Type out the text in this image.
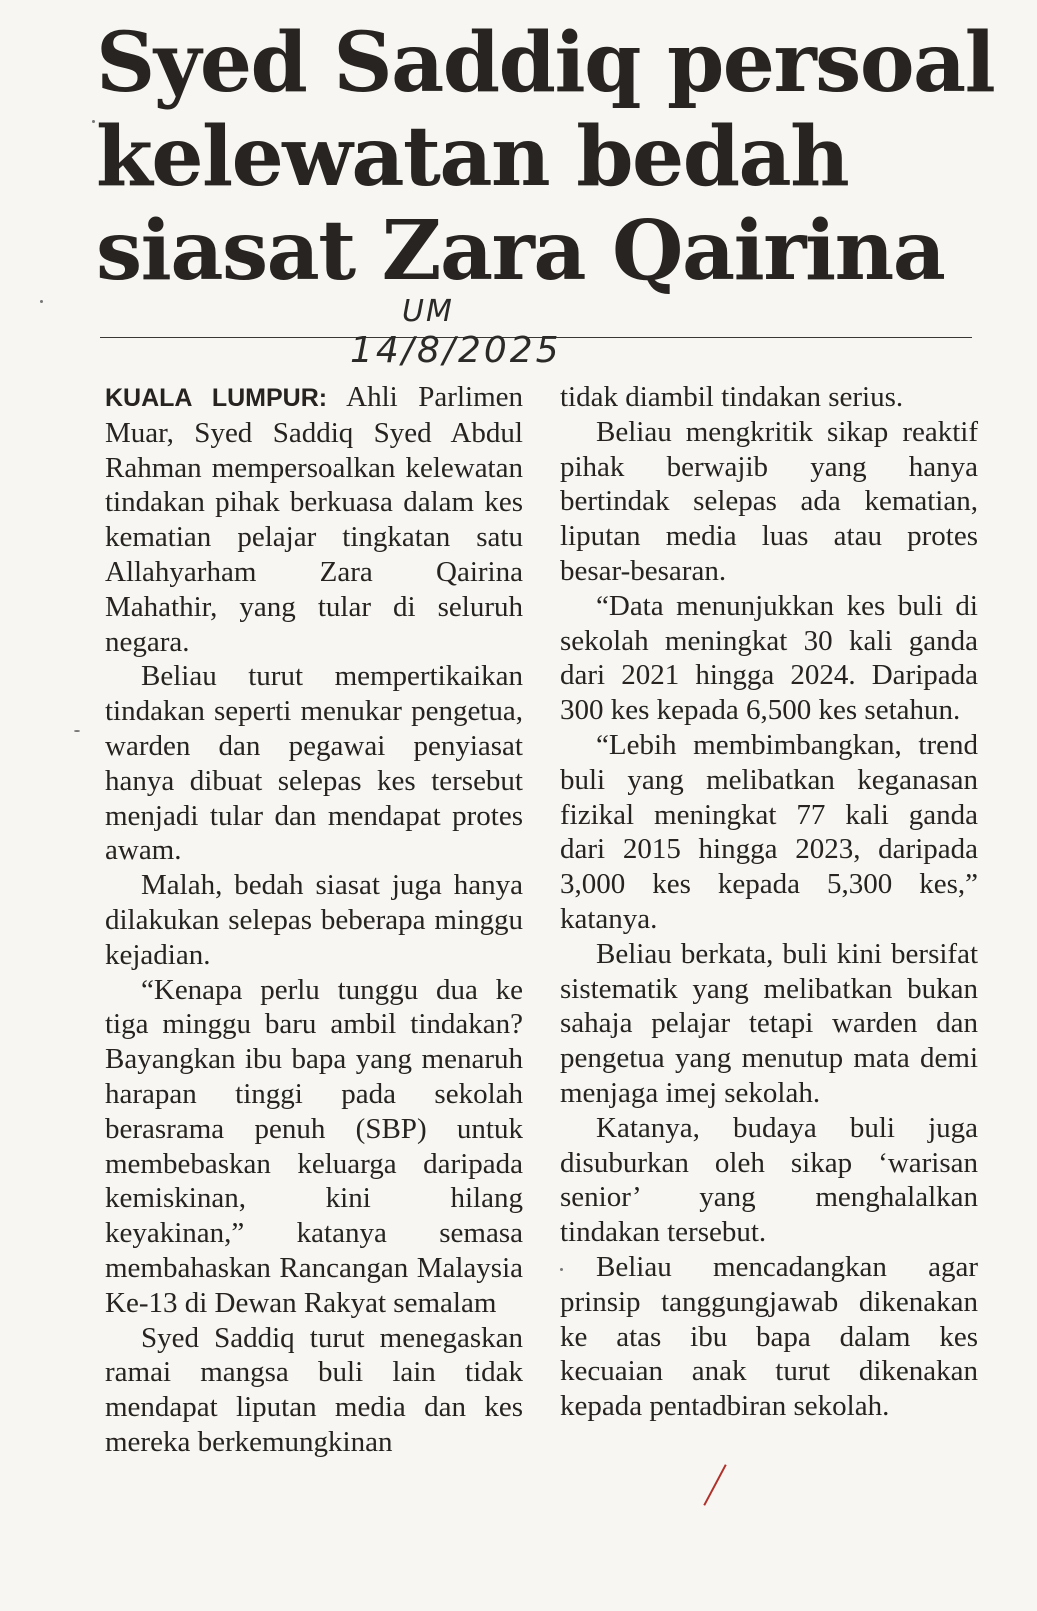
Syed Saddiq persoal
kelewatan bedah
siasat Zara Qairina
UM
14/8/2025

KUALA LUMPUR: Ahli Parlimen Muar, Syed Saddiq Syed Abdul Rahman mempersoalkan kelewatan tindakan pihak berkuasa dalam kes kematian pelajar tingkatan satu Allahyarham Zara Qairina Mahathir, yang tular di seluruh negara.

Beliau turut mempertikaikan tindakan seperti menukar pengetua, warden dan pegawai penyiasat hanya dibuat selepas kes tersebut menjadi tular dan mendapat protes awam.

Malah, bedah siasat juga hanya dilakukan selepas beberapa minggu kejadian.

“Kenapa perlu tunggu dua ke tiga minggu baru ambil tindakan? Bayangkan ibu bapa yang menaruh harapan tinggi pada sekolah berasrama penuh (SBP) untuk membebaskan keluarga daripada kemiskinan, kini hilang keyakinan,” katanya semasa membahaskan Rancangan Malaysia Ke-13 di Dewan Rakyat semalam

Syed Saddiq turut menegaskan ramai mangsa buli lain tidak mendapat liputan media dan kes mereka berkemungkinan

tidak diambil tindakan serius.

Beliau mengkritik sikap reaktif pihak berwajib yang hanya bertindak selepas ada kematian, liputan media luas atau protes besar-besaran.

“Data menunjukkan kes buli di sekolah meningkat 30 kali ganda dari 2021 hingga 2024. Daripada 300 kes kepada 6,500 kes setahun.

“Lebih membimbangkan, trend buli yang melibatkan keganasan fizikal meningkat 77 kali ganda dari 2015 hingga 2023, daripada 3,000 kes kepada 5,300 kes,” katanya.

Beliau berkata, buli kini bersifat sistematik yang melibatkan bukan sahaja pelajar tetapi warden dan pengetua yang menutup mata demi menjaga imej sekolah.

Katanya, budaya buli juga disuburkan oleh sikap ‘warisan senior’ yang menghalalkan tindakan tersebut.

Beliau mencadangkan agar prinsip tanggungjawab dikenakan ke atas ibu bapa dalam kes kecuaian anak turut dikenakan kepada pentadbiran sekolah.
